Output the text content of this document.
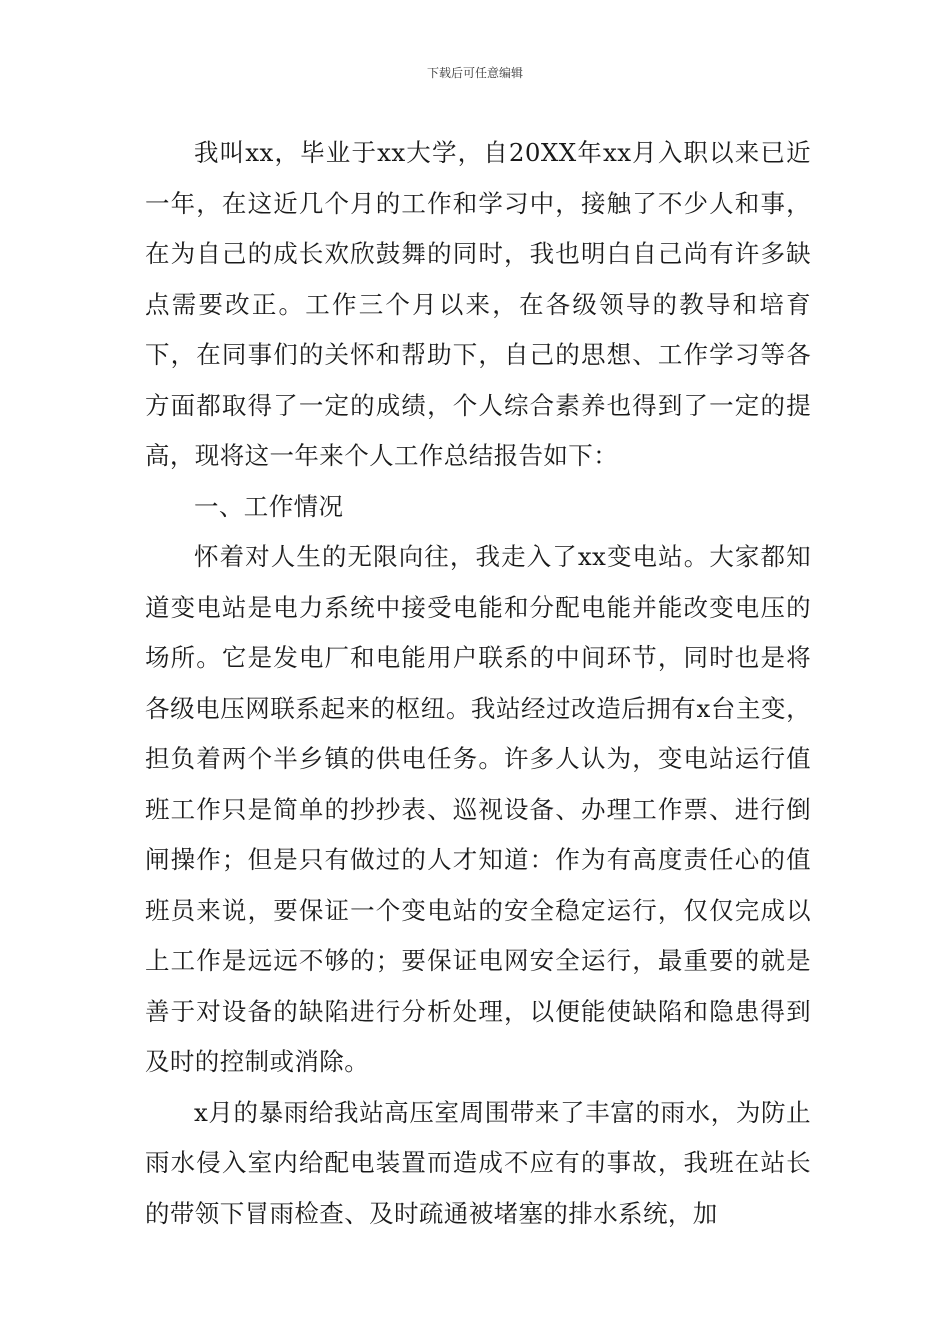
下载后可任意编辑

我叫xx，毕业于xx大学，自20XX年xx月入职以来已近一年，在这近几个月的工作和学习中，接触了不少人和事，在为自己的成长欢欣鼓舞的同时，我也明白自己尚有许多缺点需要改正。工作三个月以来，在各级领导的教导和培育下，在同事们的关怀和帮助下，自己的思想、工作学习等各方面都取得了一定的成绩，个人综合素养也得到了一定的提高，现将这一年来个人工作总结报告如下：

一、工作情况

怀着对人生的无限向往，我走入了xx变电站。大家都知道变电站是电力系统中接受电能和分配电能并能改变电压的场所。它是发电厂和电能用户联系的中间环节，同时也是将各级电压网联系起来的枢纽。我站经过改造后拥有x台主变，担负着两个半乡镇的供电任务。许多人认为，变电站运行值班工作只是简单的抄抄表、巡视设备、办理工作票、进行倒闸操作；但是只有做过的人才知道：作为有高度责任心的值班员来说，要保证一个变电站的安全稳定运行，仅仅完成以上工作是远远不够的；要保证电网安全运行，最重要的就是善于对设备的缺陷进行分析处理，以便能使缺陷和隐患得到及时的控制或消除。

x月的暴雨给我站高压室周围带来了丰富的雨水，为防止雨水侵入室内给配电装置而造成不应有的事故，我班在站长的带领下冒雨检查、及时疏通被堵塞的排水系统，加
